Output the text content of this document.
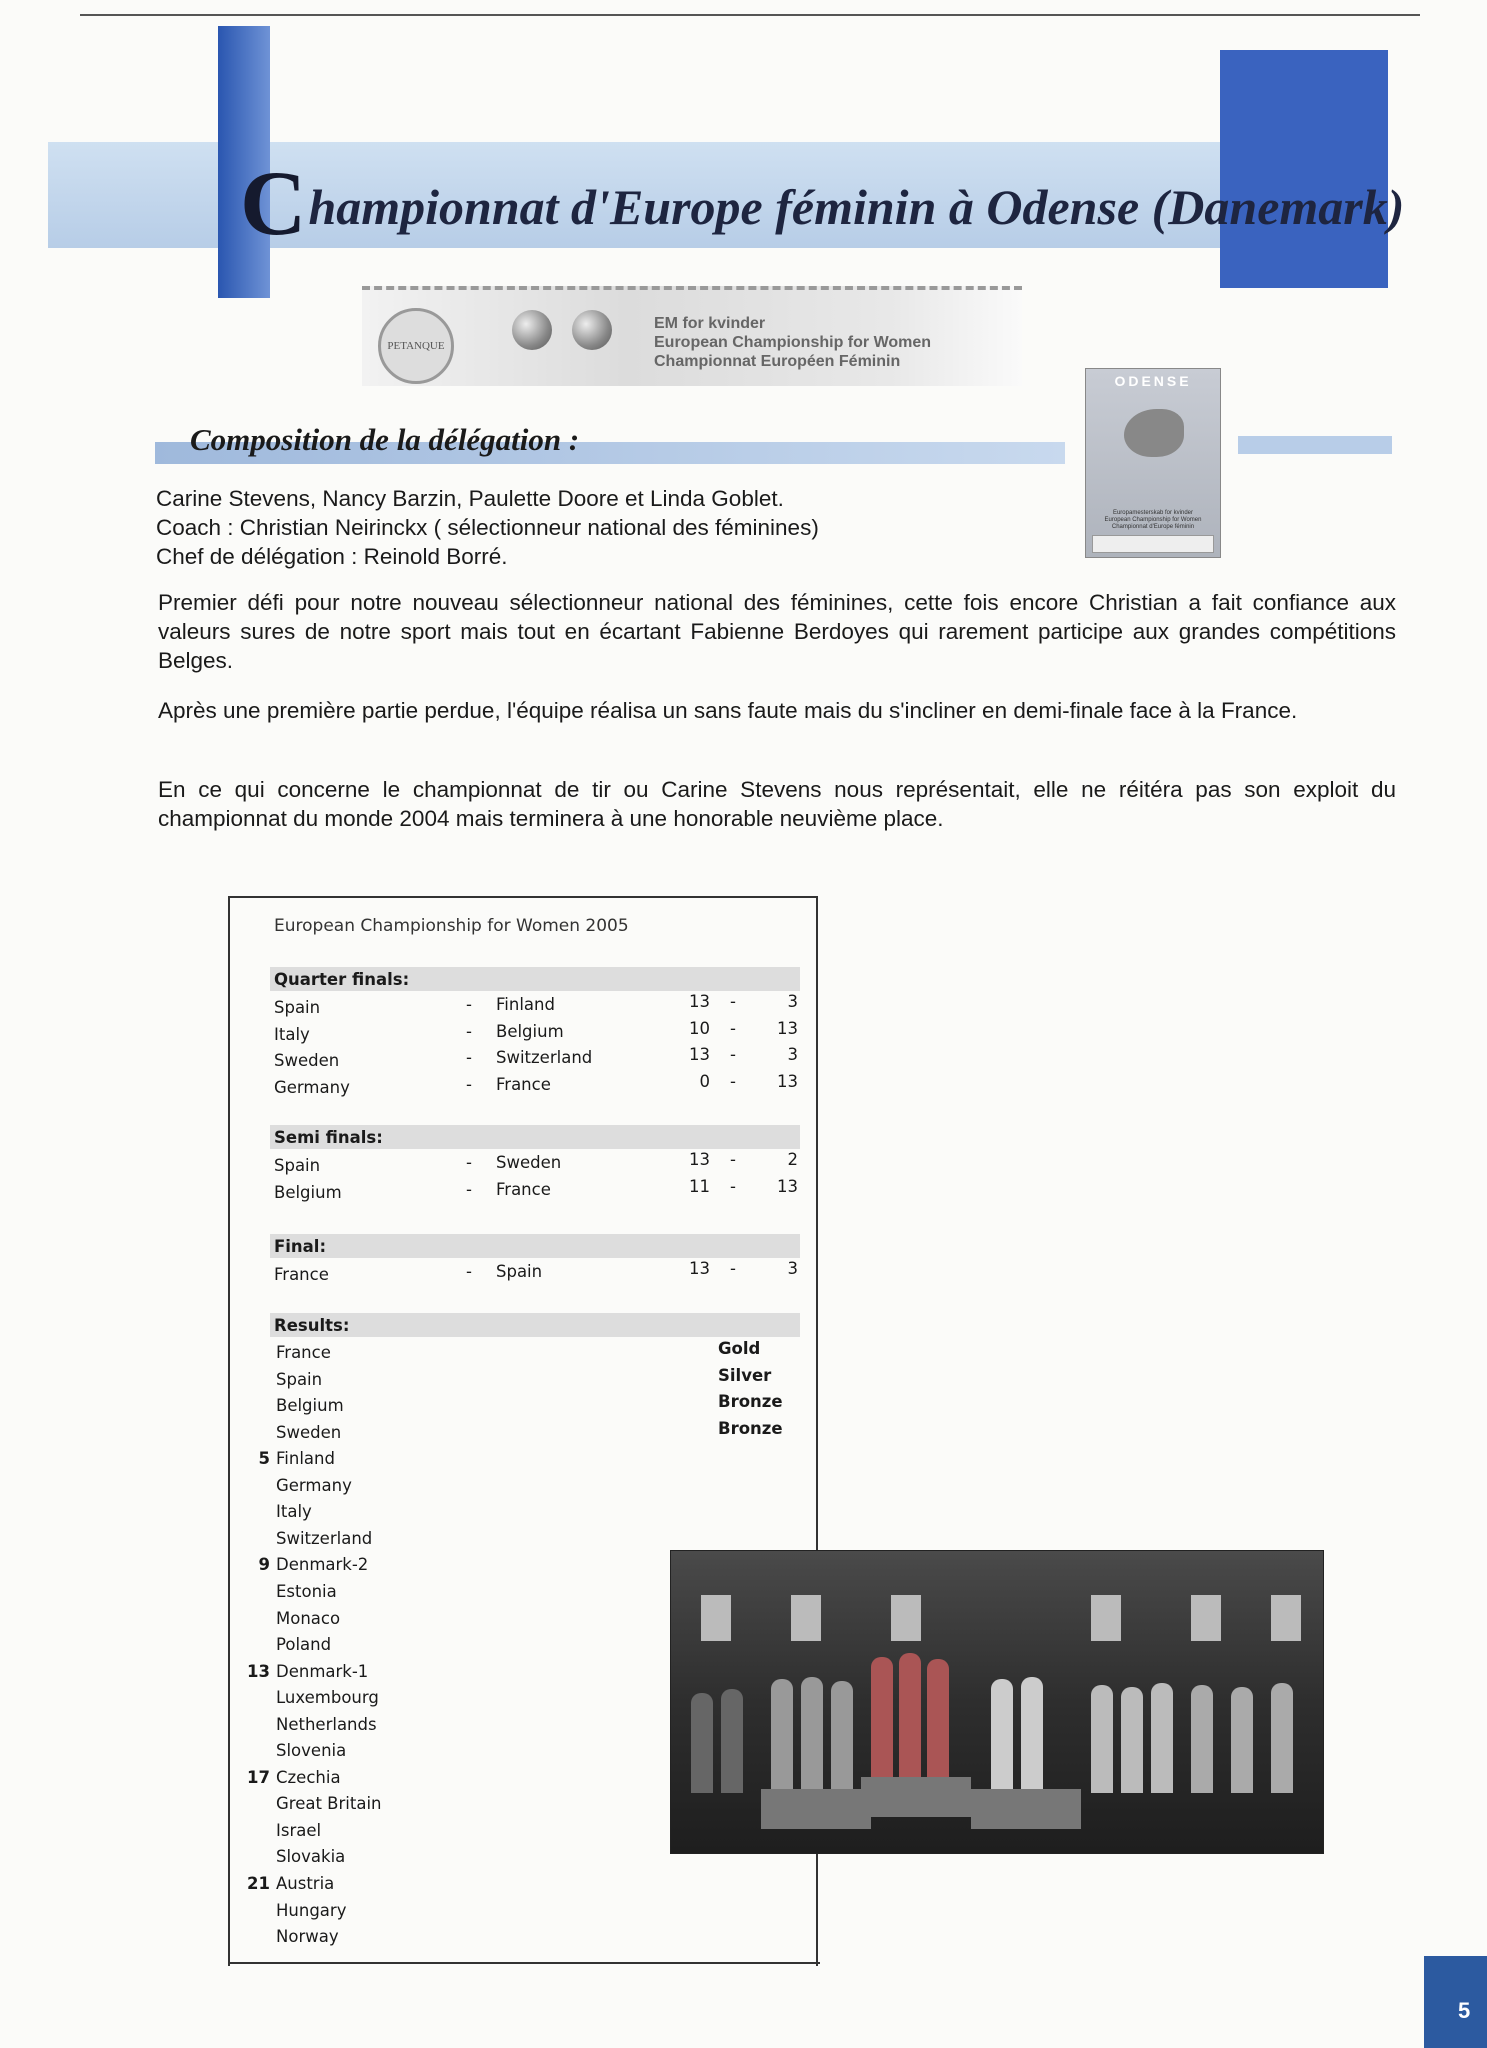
Championnat d'Europe féminin à Odense (Danemark)
PETANQUE
EM for kvinder
European Championship for Women
Championnat Européen Féminin
ODENSE
Europamesterskab for kvinder
European Championship for Women
Championnat d'Europe féminin
Composition de la délégation :
Carine Stevens, Nancy Barzin, Paulette Doore et Linda Goblet.
Coach : Christian Neirinckx ( sélectionneur national des féminines)
Chef de délégation : Reinold Borré.
Premier défi pour notre nouveau sélectionneur national des féminines, cette fois encore Christian a fait confiance aux valeurs sures de notre sport mais tout en écartant Fabienne Berdoyes qui rarement participe aux grandes compétitions Belges.
Après une première partie perdue, l'équipe réalisa un sans faute mais du s'incliner en demi-finale face à la France.
En ce qui concerne le championnat de tir ou Carine Stevens nous représentait, elle ne réitéra pas son exploit du championnat du monde 2004 mais terminera à une honorable neuvième place.
European Championship for Women 2005
Quarter finals:
Spain	- Finland	13 -	3
Italy	- Belgium	10 -	13
Sweden	- Switzerland	13 -	3
Germany	- France	0 -	13
Semi finals:
Spain	- Sweden	13 -	2
Belgium	- France	11 -	13
Final:
France	- Spain	13 -	3
Results:
France	Gold
Spain	Silver
Belgium	Bronze
Sweden	Bronze
5 Finland
Germany
Italy
Switzerland
9 Denmark-2
Estonia
Monaco
Poland
13 Denmark-1
Luxembourg
Netherlands
Slovenia
17 Czechia
Great Britain
Israel
Slovakia
21 Austria
Hungary
Norway
5
